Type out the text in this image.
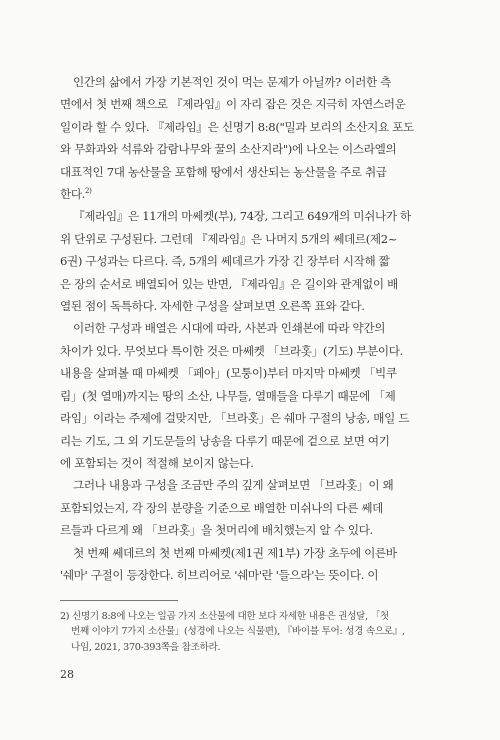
인간의 삶에서 가장 기본적인 것이 먹는 문제가 아닐까? 이러한 측
면에서 첫 번째 책으로 『제라임』이 자리 잡은 것은 지극히 자연스러운
일이라 할 수 있다. 『제라임』은 신명기 8:8("밀과 보리의 소산지요 포도
와 무화과와 석류와 감람나무와 꿀의 소산지라")에 나오는 이스라엘의
대표적인 7대 농산물을 포함해 땅에서 생산되는 농산물을 주로 취급
한다.$^{2)}$

『제라임』은 11개의 마쎄켓(부), 74장, 그리고 649개의 미쉬나가 하
위 단위로 구성된다. 그런데 『제라임』은 나머지 5개의 쎄데르(제2~
6권) 구성과는 다르다. 즉, 5개의 쎄데르가 가장 긴 장부터 시작해 짧
은 장의 순서로 배열되어 있는 반면, 『제라임』은 길이와 관계없이 배
열된 점이 독특하다. 자세한 구성을 살펴보면 오른쪽 표와 같다.

이러한 구성과 배열은 시대에 따라, 사본과 인쇄본에 따라 약간의
차이가 있다. 무엇보다 특이한 것은 마쎄켓 「브라홋」(기도) 부분이다.
내용을 살펴볼 때 마쎄켓 「페아」(모퉁이)부터 마지막 마쎄켓 「빅쿠
림」(첫 열매)까지는 땅의 소산, 나무들, 열매들을 다루기 때문에 「제
라임」이라는 주제에 걸맞지만, 「브라홋」은 쉐마 구절의 낭송, 매일 드
리는 기도, 그 외 기도문들의 낭송을 다루기 때문에 겉으로 보면 여기
에 포함되는 것이 적절해 보이지 않는다.

그러나 내용과 구성을 조금만 주의 깊게 살펴보면 「브라홋」이 왜
포함되었는지, 각 장의 분량을 기준으로 배열한 미쉬나의 다른 쎄데
르들과 다르게 왜 「브라홋」을 첫머리에 배치했는지 알 수 있다.

첫 번째 쎄데르의 첫 번째 마쎄켓(제1권 제1부) 가장 초두에 이른바
'쉐마' 구절이 등장한다. 히브리어로 '쉐마'란 '들으라'는 뜻이다. 이

2) 신명기 8:8에 나오는 일곱 가지 소산물에 대한 보다 자세한 내용은 권성달, 「첫
번째 이야기 7가지 소산물」(성경에 나오는 식물편), 『바이블 투어: 성경 속으로』,
나임, 2021, 370-393쪽을 참조하라.

28
